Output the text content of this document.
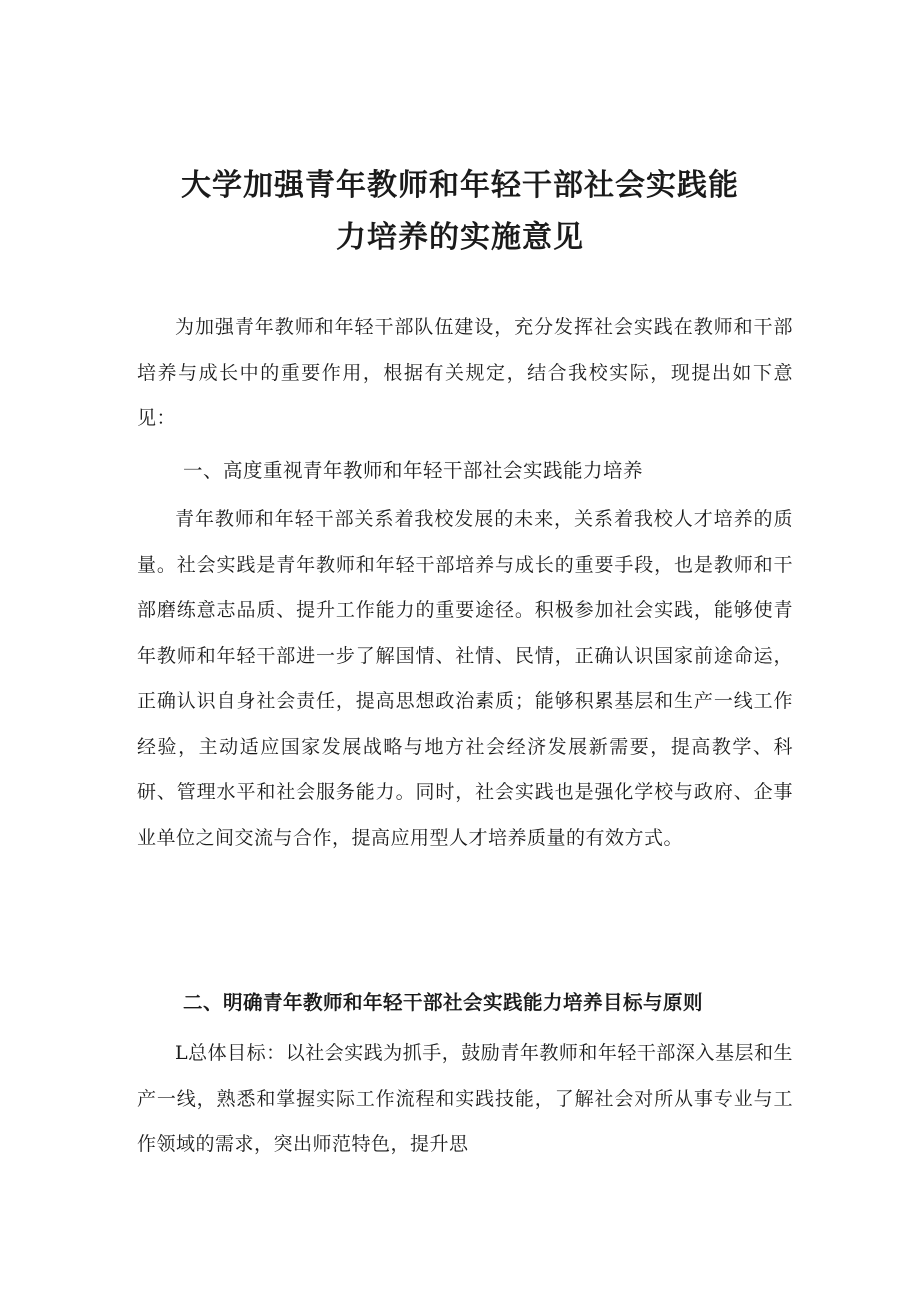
大学加强青年教师和年轻干部社会实践能
力培养的实施意见

为加强青年教师和年轻干部队伍建设，充分发挥社会实践在教师和干部培养与成长中的重要作用，根据有关规定，结合我校实际，现提出如下意见：

一、高度重视青年教师和年轻干部社会实践能力培养

青年教师和年轻干部关系着我校发展的未来，关系着我校人才培养的质量。社会实践是青年教师和年轻干部培养与成长的重要手段，也是教师和干部磨练意志品质、提升工作能力的重要途径。积极参加社会实践，能够使青年教师和年轻干部进一步了解国情、社情、民情，正确认识国家前途命运，正确认识自身社会责任，提高思想政治素质；能够积累基层和生产一线工作经验，主动适应国家发展战略与地方社会经济发展新需要，提高教学、科研、管理水平和社会服务能力。同时，社会实践也是强化学校与政府、企事业单位之间交流与合作，提高应用型人才培养质量的有效方式。

二、明确青年教师和年轻干部社会实践能力培养目标与原则

L总体目标：以社会实践为抓手，鼓励青年教师和年轻干部深入基层和生产一线，熟悉和掌握实际工作流程和实践技能，了解社会对所从事专业与工作领域的需求，突出师范特色，提升思
